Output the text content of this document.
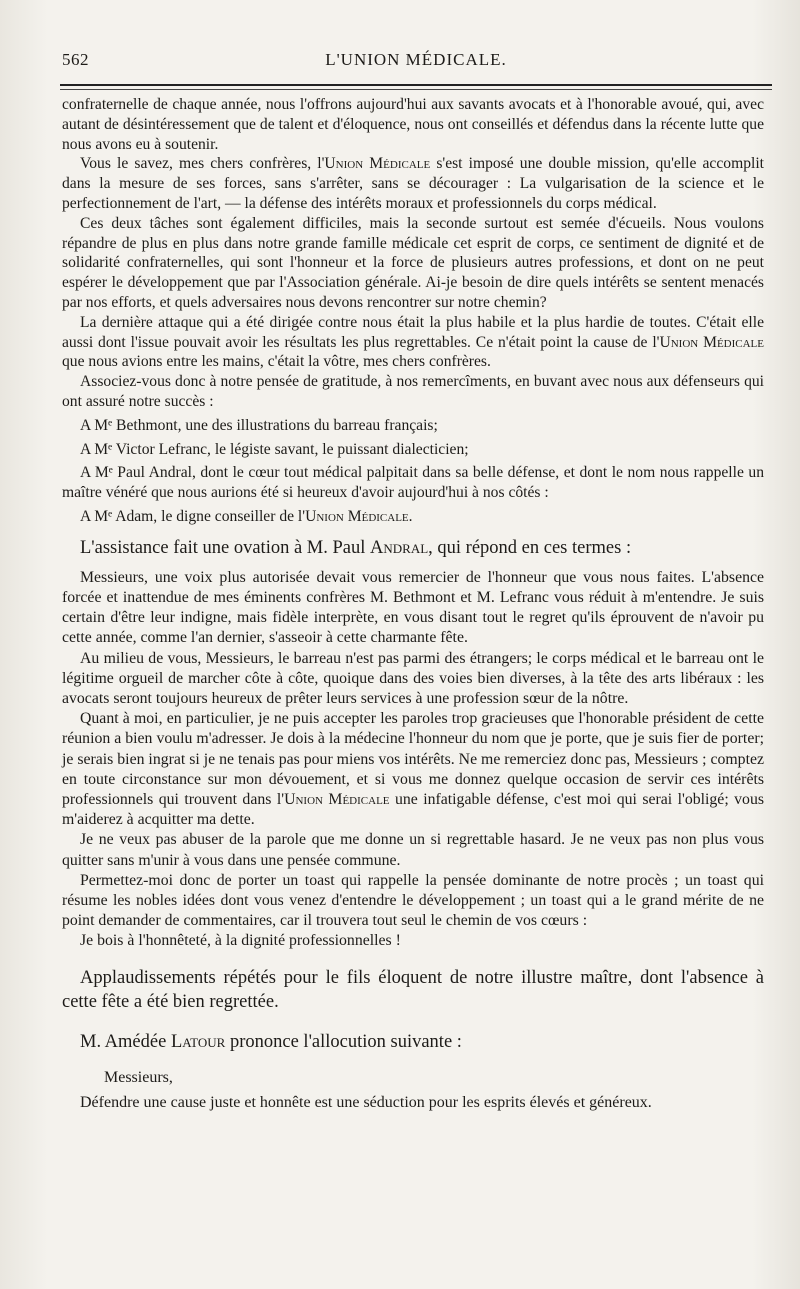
562	L'UNION MÉDICALE.

confraternelle de chaque année, nous l'offrons aujourd'hui aux savants avocats et à l'honorable avoué, qui, avec autant de désintéressement que de talent et d'éloquence, nous ont conseillés et défendus dans la récente lutte que nous avons eu à soutenir.

Vous le savez, mes chers confrères, l'Union Médicale s'est imposé une double mission, qu'elle accomplit dans la mesure de ses forces, sans s'arrêter, sans se décourager : La vulgarisation de la science et le perfectionnement de l'art, — la défense des intérêts moraux et professionnels du corps médical.

Ces deux tâches sont également difficiles, mais la seconde surtout est semée d'écueils. Nous voulons répandre de plus en plus dans notre grande famille médicale cet esprit de corps, ce sentiment de dignité et de solidarité confraternelles, qui sont l'honneur et la force de plusieurs autres professions, et dont on ne peut espérer le développement que par l'Association générale. Ai-je besoin de dire quels intérêts se sentent menacés par nos efforts, et quels adversaires nous devons rencontrer sur notre chemin?

La dernière attaque qui a été dirigée contre nous était la plus habile et la plus hardie de toutes. C'était elle aussi dont l'issue pouvait avoir les résultats les plus regrettables. Ce n'était point la cause de l'Union Médicale que nous avions entre les mains, c'était la vôtre, mes chers confrères.

Associez-vous donc à notre pensée de gratitude, à nos remercîments, en buvant avec nous aux défenseurs qui ont assuré notre succès :

A Mᵉ Bethmont, une des illustrations du barreau français;

A Mᵉ Victor Lefranc, le légiste savant, le puissant dialecticien;

A Mᵉ Paul Andral, dont le cœur tout médical palpitait dans sa belle défense, et dont le nom nous rappelle un maître vénéré que nous aurions été si heureux d'avoir aujourd'hui à nos côtés :

A Mᵉ Adam, le digne conseiller de l'Union Médicale.

L'assistance fait une ovation à M. Paul Andral, qui répond en ces termes :

Messieurs, une voix plus autorisée devait vous remercier de l'honneur que vous nous faites. L'absence forcée et inattendue de mes éminents confrères M. Bethmont et M. Lefranc vous réduit à m'entendre. Je suis certain d'être leur indigne, mais fidèle interprète, en vous disant tout le regret qu'ils éprouvent de n'avoir pu cette année, comme l'an dernier, s'asseoir à cette charmante fête.

Au milieu de vous, Messieurs, le barreau n'est pas parmi des étrangers; le corps médical et le barreau ont le légitime orgueil de marcher côte à côte, quoique dans des voies bien diverses, à la tête des arts libéraux : les avocats seront toujours heureux de prêter leurs services à une profession sœur de la nôtre.

Quant à moi, en particulier, je ne puis accepter les paroles trop gracieuses que l'honorable président de cette réunion a bien voulu m'adresser. Je dois à la médecine l'honneur du nom que je porte, que je suis fier de porter; je serais bien ingrat si je ne tenais pas pour miens vos intérêts. Ne me remerciez donc pas, Messieurs ; comptez en toute circonstance sur mon dévouement, et si vous me donnez quelque occasion de servir ces intérêts professionnels qui trouvent dans l'Union Médicale une infatigable défense, c'est moi qui serai l'obligé; vous m'aiderez à acquitter ma dette.

Je ne veux pas abuser de la parole que me donne un si regrettable hasard. Je ne veux pas non plus vous quitter sans m'unir à vous dans une pensée commune.

Permettez-moi donc de porter un toast qui rappelle la pensée dominante de notre procès ; un toast qui résume les nobles idées dont vous venez d'entendre le développement ; un toast qui a le grand mérite de ne point demander de commentaires, car il trouvera tout seul le chemin de vos cœurs :

Je bois à l'honnêteté, à la dignité professionnelles !

Applaudissements répétés pour le fils éloquent de notre illustre maître, dont l'absence à cette fête a été bien regrettée.

M. Amédée Latour prononce l'allocution suivante :

Messieurs,

Défendre une cause juste et honnête est une séduction pour les esprits élevés et généreux.
